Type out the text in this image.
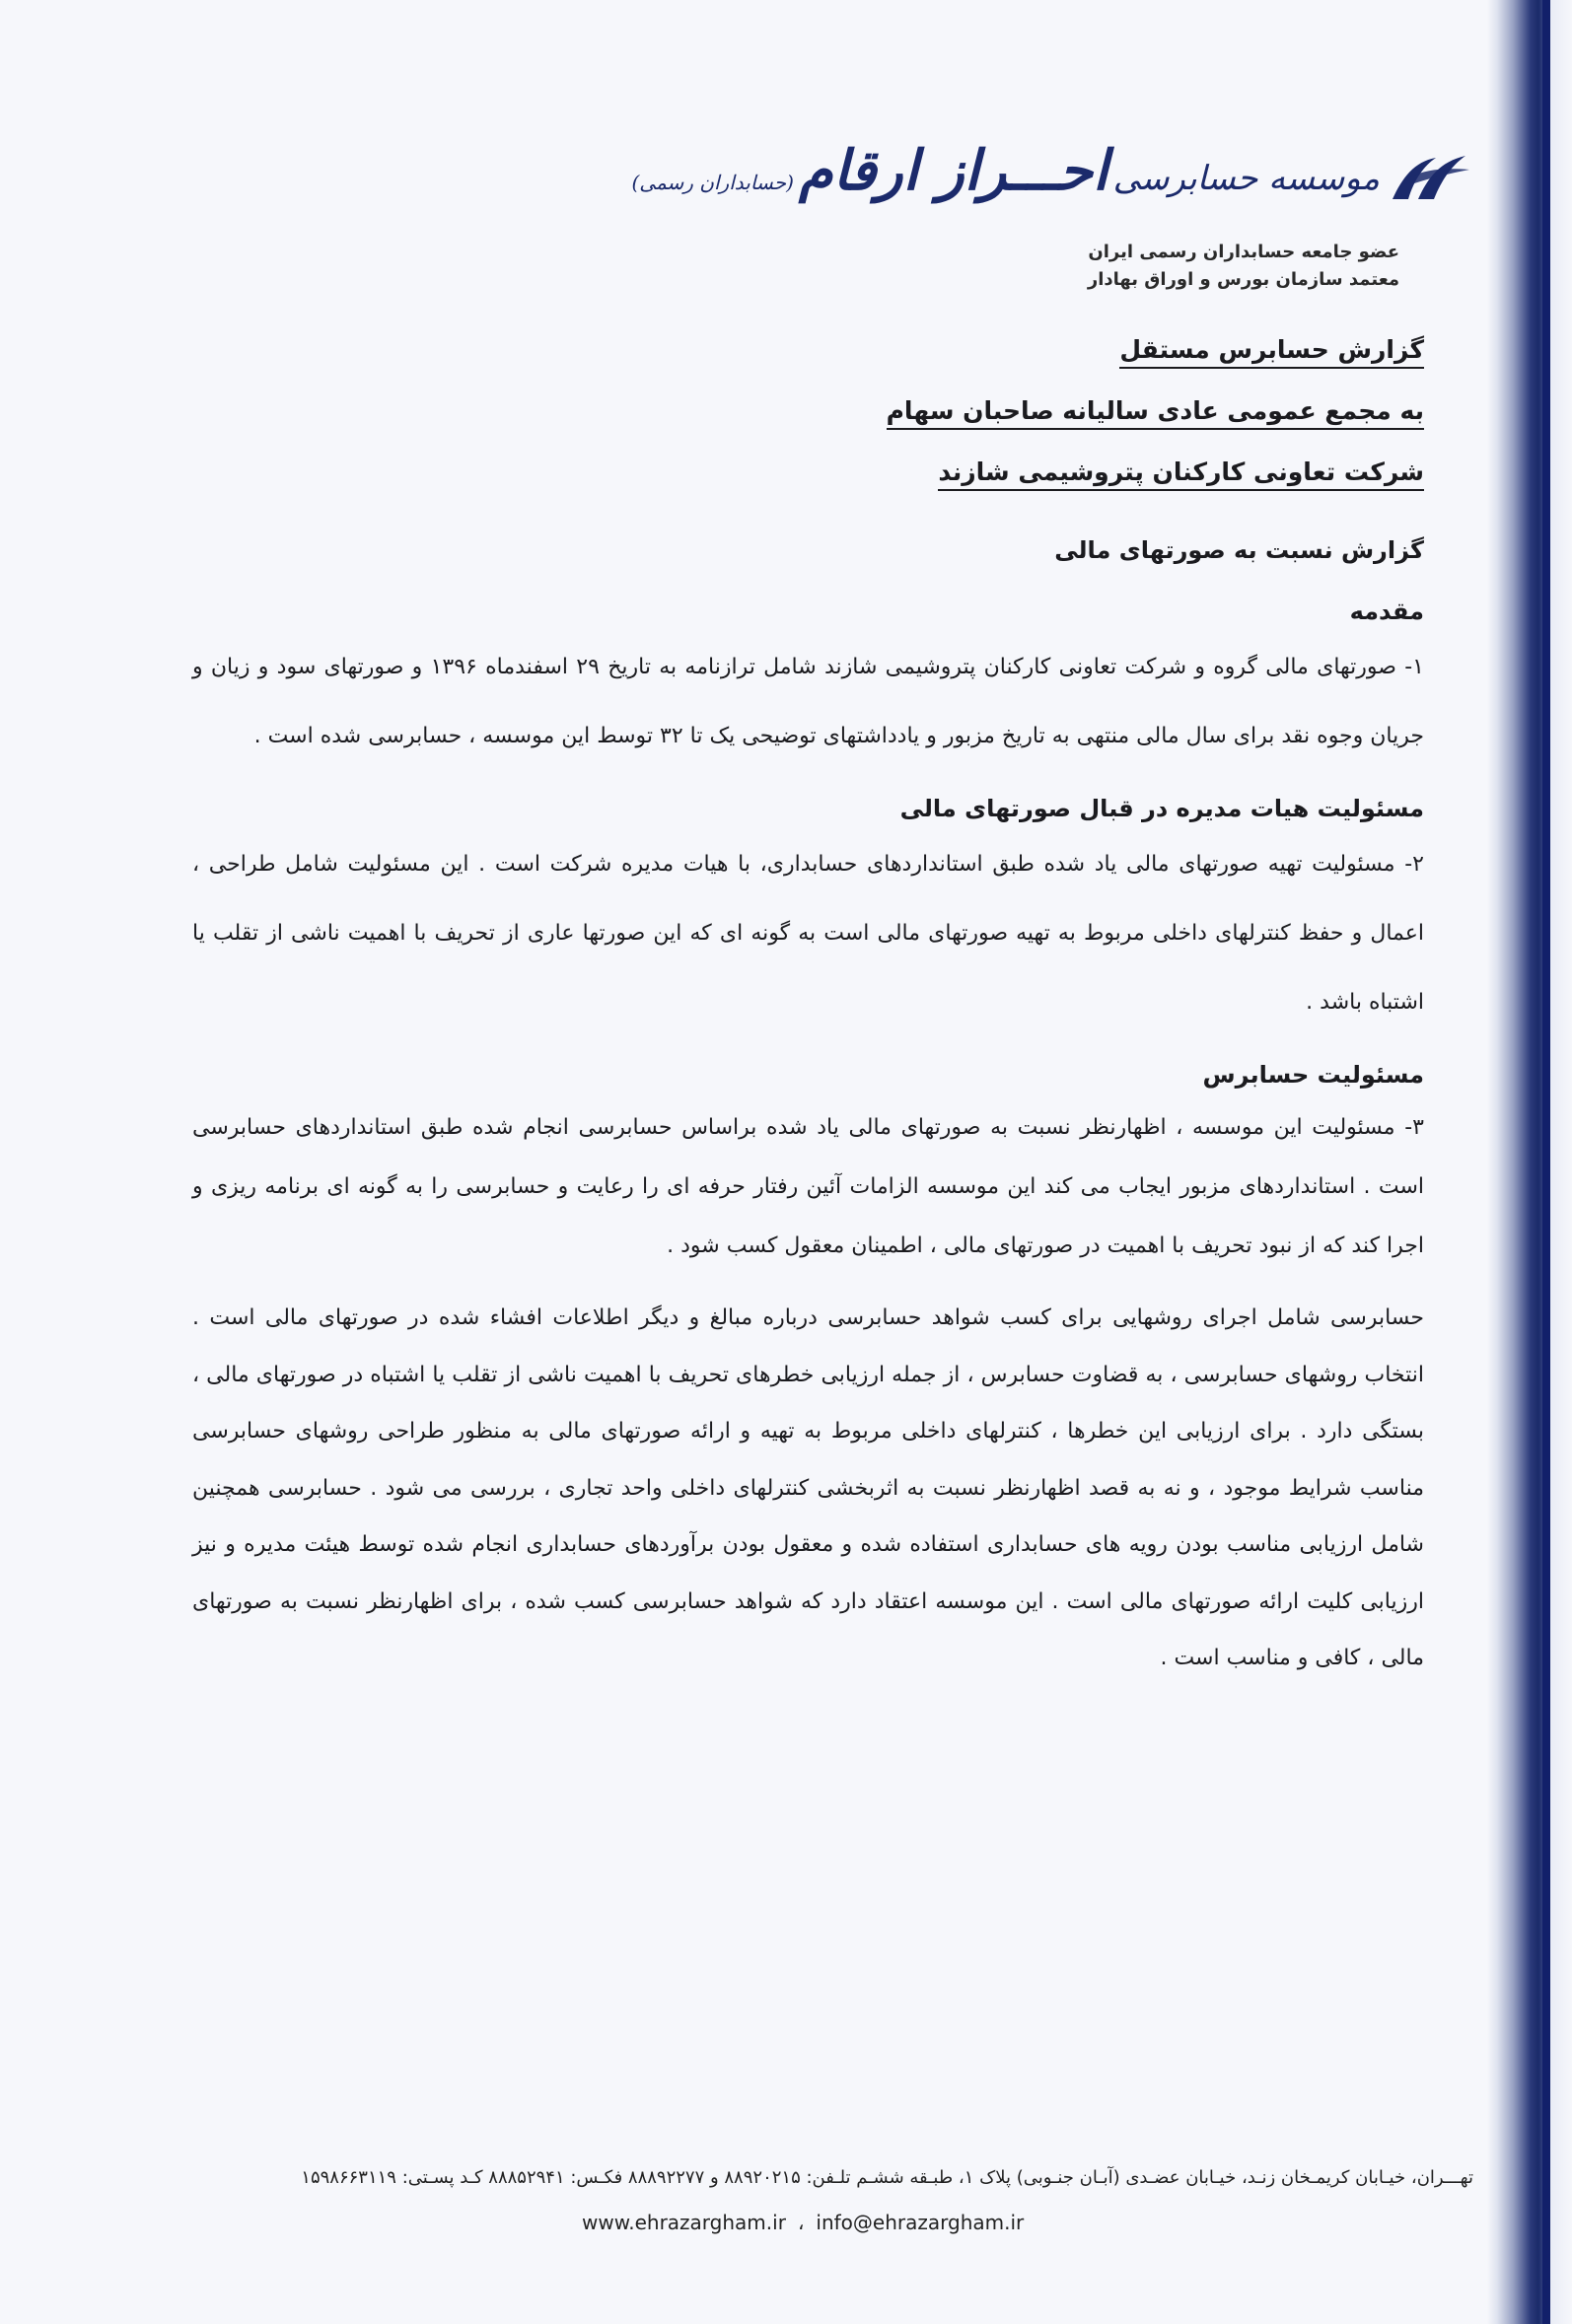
موسسه حسابرسی احـــراز ارقام (حسابداران رسمی)
عضو جامعه حسابداران رسمی ایران
معتمد سازمان بورس و اوراق بهادار
گزارش حسابرس مستقل
به مجمع عمومی عادی سالیانه صاحبان سهام
شرکت تعاونی کارکنان پتروشیمی شازند
گزارش نسبت به صورتهای مالی
مقدمه
۱- صورتهای مالی گروه و شرکت تعاونی کارکنان پتروشیمی شازند شامل ترازنامه به تاریخ ۲۹ اسفندماه ۱۳۹۶ و صورتهای سود و زیان و جریان وجوه نقد برای سال مالی منتهی به تاریخ مزبور و یادداشتهای توضیحی یک تا ۳۲ توسط این موسسه ، حسابرسی شده است .
مسئولیت هیات مدیره در قبال صورتهای مالی
۲- مسئولیت تهیه صورتهای مالی یاد شده طبق استانداردهای حسابداری، با هیات مدیره شرکت است . این مسئولیت شامل طراحی ، اعمال و حفظ کنترلهای داخلی مربوط به تهیه صورتهای مالی است به گونه ای که این صورتها عاری از تحریف با اهمیت ناشی از تقلب یا اشتباه باشد .
مسئولیت حسابرس
۳- مسئولیت این موسسه ، اظهارنظر نسبت به صورتهای مالی یاد شده براساس حسابرسی انجام شده طبق استانداردهای حسابرسی است . استانداردهای مزبور ایجاب می کند این موسسه الزامات آئین رفتار حرفه ای را رعایت و حسابرسی را به گونه ای برنامه ریزی و اجرا کند که از نبود تحریف با اهمیت در صورتهای مالی ، اطمینان معقول کسب شود .
حسابرسی شامل اجرای روشهایی برای کسب شواهد حسابرسی درباره مبالغ و دیگر اطلاعات افشاء شده در صورتهای مالی است . انتخاب روشهای حسابرسی ، به قضاوت حسابرس ، از جمله ارزیابی خطرهای تحریف با اهمیت ناشی از تقلب یا اشتباه در صورتهای مالی ، بستگی دارد . برای ارزیابی این خطرها ، کنترلهای داخلی مربوط به تهیه و ارائه صورتهای مالی به منظور طراحی روشهای حسابرسی مناسب شرایط موجود ، و نه به قصد اظهارنظر نسبت به اثربخشی کنترلهای داخلی واحد تجاری ، بررسی می شود . حسابرسی همچنین شامل ارزیابی مناسب بودن رویه های حسابداری استفاده شده و معقول بودن برآوردهای حسابداری انجام شده توسط هیئت مدیره و نیز ارزیابی کلیت ارائه صورتهای مالی است . این موسسه اعتقاد دارد که شواهد حسابرسی کسب شده ، برای اظهارنظر نسبت به صورتهای مالی ، کافی و مناسب است .
تهـــران، خیـابان کریمـخان زنـد، خیـابان عضـدی (آبـان جنـوبی) پلاک ۱، طبـقه ششـم تلـفن: ۸۸۹۲۰۲۱۵ و ۸۸۸۹۲۲۷۷ فکـس: ۸۸۸۵۲۹۴۱ کـد پسـتی: ۱۵۹۸۶۶۳۱۱۹
www.ehrazargham.ir ، info@ehrazargham.ir
